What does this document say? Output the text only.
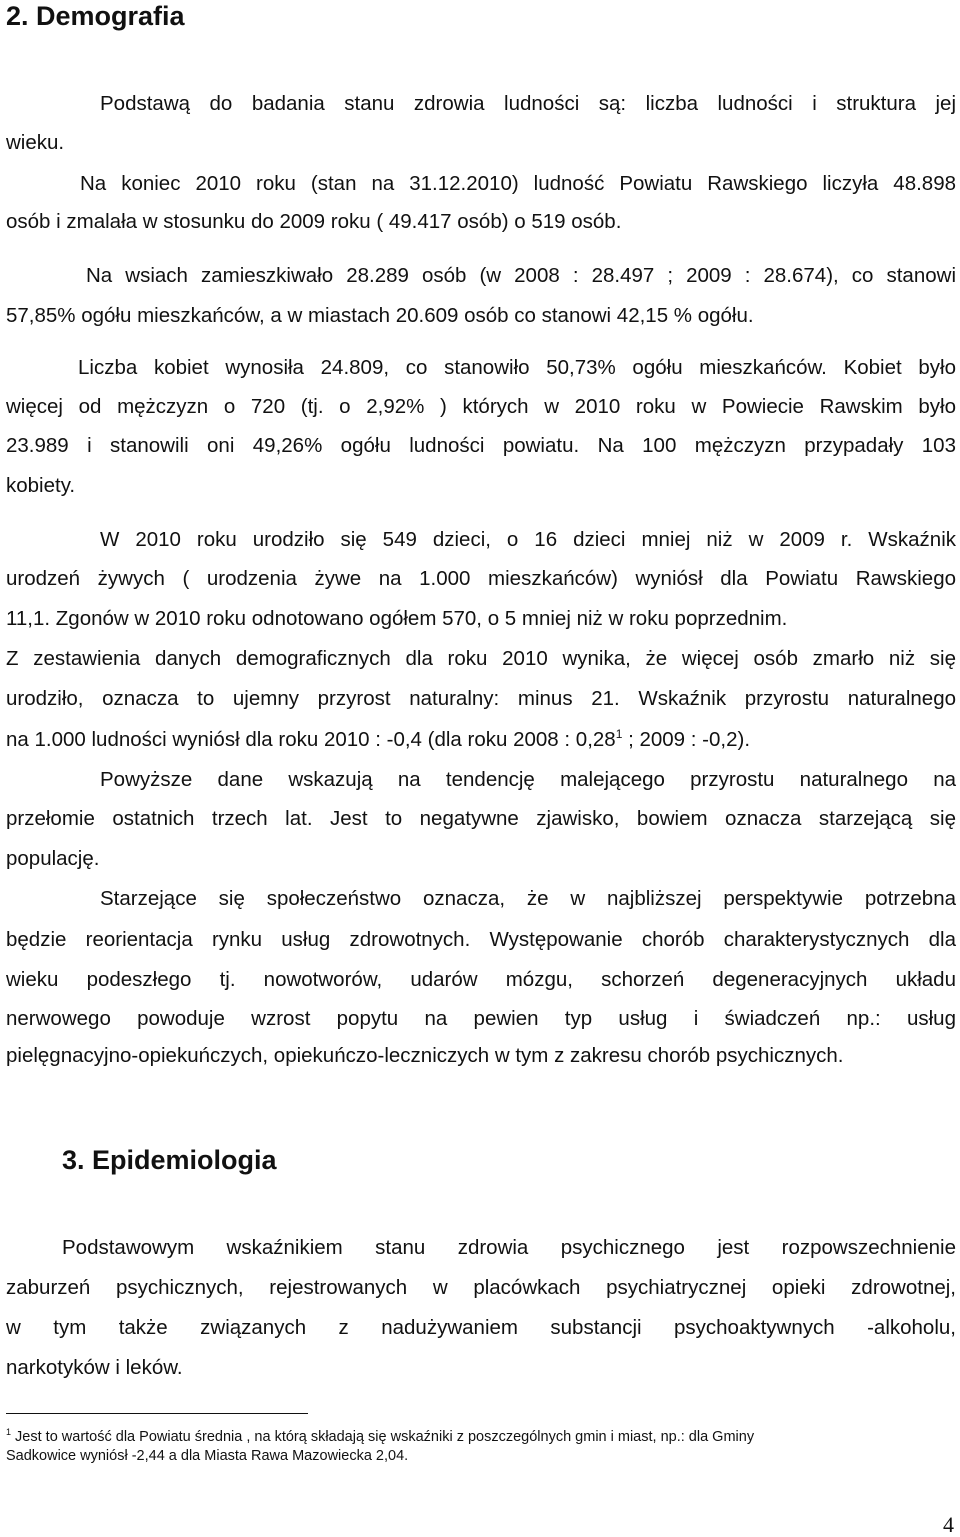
2. Demografia
Podstawą do badania stanu zdrowia ludności są: liczba ludności i struktura jej
wieku.
Na koniec 2010 roku (stan na 31.12.2010) ludność Powiatu Rawskiego liczyła 48.898
osób i zmalała w stosunku do 2009 roku ( 49.417 osób) o 519 osób.
Na wsiach zamieszkiwało 28.289 osób (w 2008 : 28.497 ; 2009 : 28.674), co stanowi
57,85% ogółu mieszkańców, a w miastach 20.609 osób co stanowi 42,15 % ogółu.
Liczba kobiet wynosiła 24.809, co stanowiło 50,73% ogółu mieszkańców. Kobiet było
więcej od mężczyzn o 720 (tj. o 2,92% ) których w 2010 roku w Powiecie Rawskim było
23.989 i stanowili oni 49,26% ogółu ludności powiatu. Na 100 mężczyzn przypadały 103
kobiety.
W 2010 roku urodziło się 549 dzieci, o 16 dzieci mniej niż w 2009 r. Wskaźnik
urodzeń żywych ( urodzenia żywe na 1.000 mieszkańców) wyniósł dla Powiatu Rawskiego
11,1. Zgonów w 2010 roku odnotowano ogółem 570, o 5 mniej niż w roku poprzednim.
Z zestawienia danych demograficznych dla roku 2010 wynika, że więcej osób zmarło niż się
urodziło, oznacza to ujemny przyrost naturalny: minus 21. Wskaźnik przyrostu naturalnego
na 1.000 ludności wyniósł dla roku 2010 : -0,4 (dla roku 2008 : 0,28$^1$ ; 2009 : -0,2).
Powyższe dane wskazują na tendencję malejącego przyrostu naturalnego na
przełomie ostatnich trzech lat. Jest to negatywne zjawisko, bowiem oznacza starzejącą się
populację.
Starzejące się społeczeństwo oznacza, że w najbliższej perspektywie potrzebna
będzie reorientacja rynku usług zdrowotnych. Występowanie chorób charakterystycznych dla
wieku podeszłego tj. nowotworów, udarów mózgu, schorzeń degeneracyjnych układu
nerwowego powoduje wzrost popytu na pewien typ usług i świadczeń np.: usług
pielęgnacyjno-opiekuńczych, opiekuńczo-leczniczych w tym z zakresu chorób psychicznych.
3. Epidemiologia
Podstawowym wskaźnikiem stanu zdrowia psychicznego jest rozpowszechnienie
zaburzeń psychicznych, rejestrowanych w placówkach psychiatrycznej opieki zdrowotnej,
w tym także związanych z nadużywaniem substancji psychoaktywnych -alkoholu,
narkotyków i leków.
$^1$ Jest to wartość dla Powiatu średnia , na którą składają się wskaźniki z poszczególnych gmin i miast, np.: dla Gminy
Sadkowice wyniósł -2,44 a dla Miasta Rawa Mazowiecka 2,04.
4
